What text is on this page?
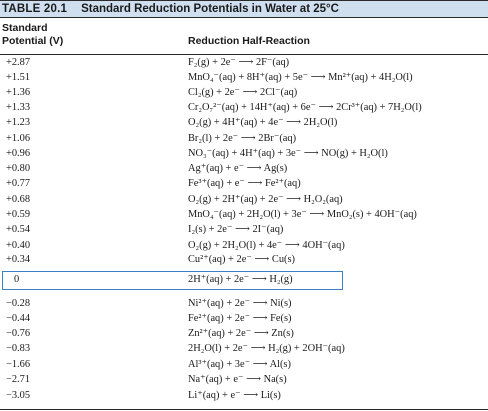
TABLE 20.1 Standard Reduction Potentials in Water at 25°C
Standard
Potential (V)	Reduction Half-Reaction
+2.87	F₂(g) + 2e⁻ ⟶ 2F⁻(aq)
+1.51	MnO₄⁻(aq) + 8H⁺(aq) + 5e⁻ ⟶ Mn²⁺(aq) + 4H₂O(l)
+1.36	Cl₂(g) + 2e⁻ ⟶ 2Cl⁻(aq)
+1.33	Cr₂O₇²⁻(aq) + 14H⁺(aq) + 6e⁻ ⟶ 2Cr³⁺(aq) + 7H₂O(l)
+1.23	O₂(g) + 4H⁺(aq) + 4e⁻ ⟶ 2H₂O(l)
+1.06	Br₂(l) + 2e⁻ ⟶ 2Br⁻(aq)
+0.96	NO₃⁻(aq) + 4H⁺(aq) + 3e⁻ ⟶ NO(g) + H₂O(l)
+0.80	Ag⁺(aq) + e⁻ ⟶ Ag(s)
+0.77	Fe³⁺(aq) + e⁻ ⟶ Fe²⁺(aq)
+0.68	O₂(g) + 2H⁺(aq) + 2e⁻ ⟶ H₂O₂(aq)
+0.59	MnO₄⁻(aq) + 2H₂O(l) + 3e⁻ ⟶ MnO₂(s) + 4OH⁻(aq)
+0.54	I₂(s) + 2e⁻ ⟶ 2I⁻(aq)
+0.40	O₂(g) + 2H₂O(l) + 4e⁻ ⟶ 4OH⁻(aq)
+0.34	Cu²⁺(aq) + 2e⁻ ⟶ Cu(s)
0	2H⁺(aq) + 2e⁻ ⟶ H₂(g)
−0.28	Ni²⁺(aq) + 2e⁻ ⟶ Ni(s)
−0.44	Fe²⁺(aq) + 2e⁻ ⟶ Fe(s)
−0.76	Zn²⁺(aq) + 2e⁻ ⟶ Zn(s)
−0.83	2H₂O(l) + 2e⁻ ⟶ H₂(g) + 2OH⁻(aq)
−1.66	Al³⁺(aq) + 3e⁻ ⟶ Al(s)
−2.71	Na⁺(aq) + e⁻ ⟶ Na(s)
−3.05	Li⁺(aq) + e⁻ ⟶ Li(s)
